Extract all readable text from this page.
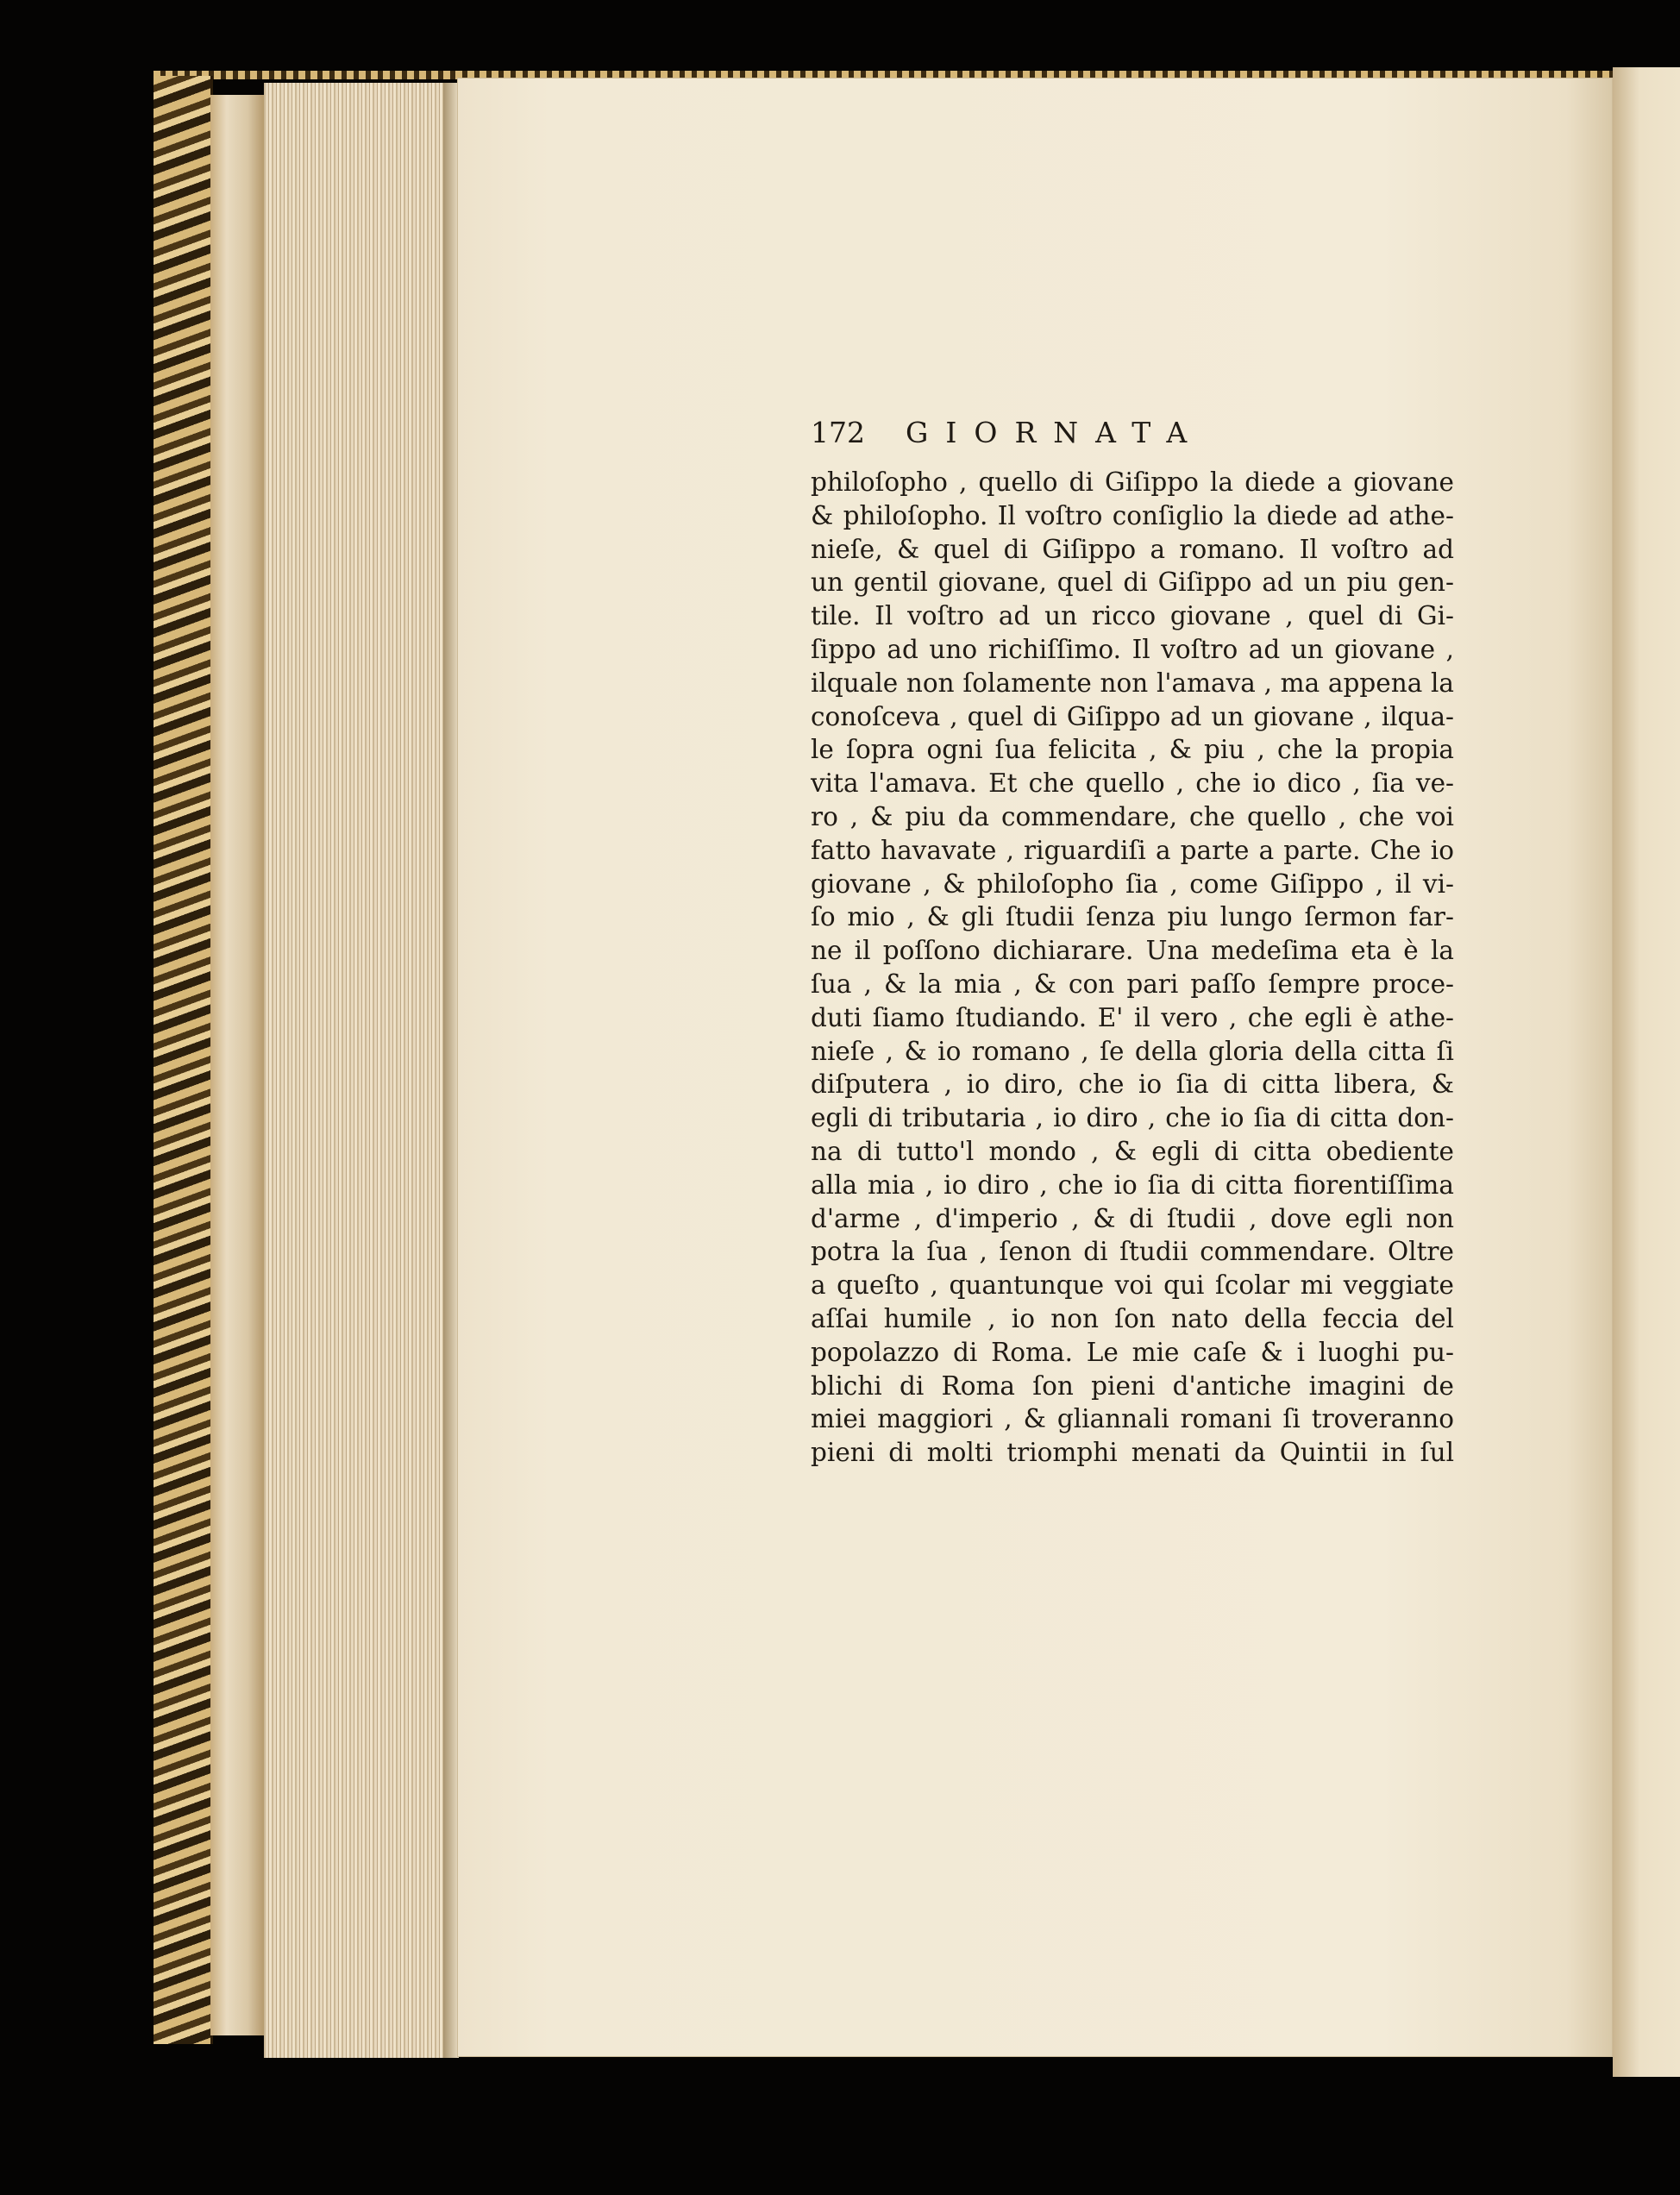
172	GIORNATA
philoſopho , quello di Giſippo la diede a giovane
& philoſopho. Il voſtro conſiglio la diede ad athe-
nieſe, & quel di Giſippo a romano. Il voſtro ad
un gentil giovane, quel di Giſippo ad un piu gen-
tile. Il voſtro ad un ricco giovane , quel di Gi-
ſippo ad uno richiſſimo. Il voſtro ad un giovane ,
ilquale non ſolamente non l'amava , ma appena la
conoſceva , quel di Giſippo ad un giovane , ilqua-
le ſopra ogni ſua felicita , & piu , che la propia
vita l'amava. Et che quello , che io dico , ſia ve-
ro , & piu da commendare, che quello , che voi
fatto havavate , riguardiſi a parte a parte. Che io
giovane , & philoſopho ſia , come Giſippo , il vi-
ſo mio , & gli ſtudii ſenza piu lungo ſermon far-
ne il poſſono dichiarare. Una medeſima eta è la
ſua , & la mia , & con pari paſſo ſempre proce-
duti ſiamo ſtudiando. E' il vero , che egli è athe-
nieſe , & io romano , ſe della gloria della citta ſi
diſputera , io diro, che io ſia di citta libera, &
egli di tributaria , io diro , che io ſia di citta don-
na di tutto'l mondo , & egli di citta obediente
alla mia , io diro , che io ſia di citta fiorentiſſima
d'arme , d'imperio , & di ſtudii , dove egli non
potra la ſua , ſenon di ſtudii commendare. Oltre
a queſto , quantunque voi qui ſcolar mi veggiate
aſſai humile , io non ſon nato della feccia del
popolazzo di Roma. Le mie caſe & i luoghi pu-
blichi di Roma ſon pieni d'antiche imagini de
miei maggiori , & gliannali romani ſi troveranno
pieni di molti triomphi menati da Quintii in ſul
